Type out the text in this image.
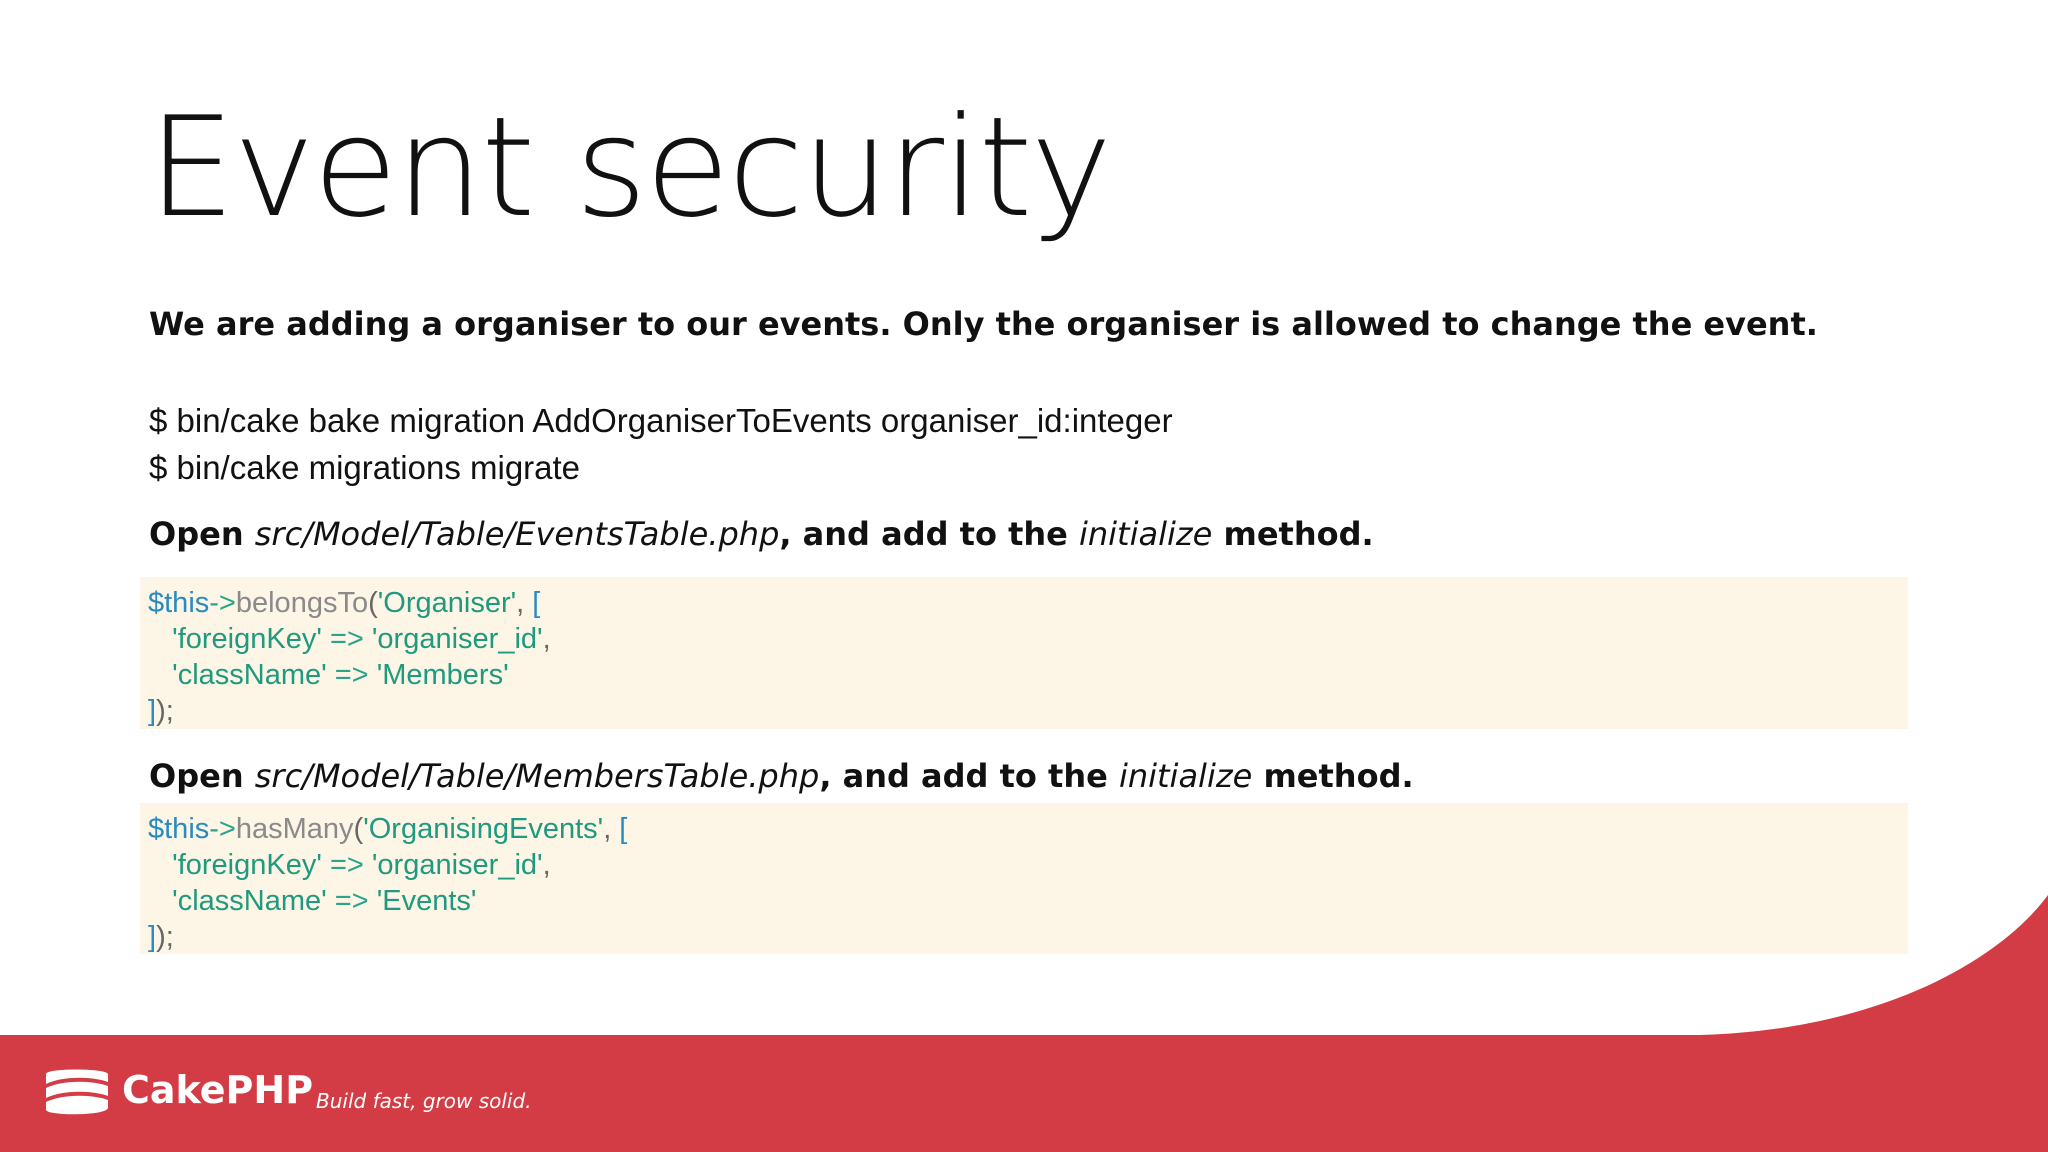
Event security
We are adding a organiser to our events. Only the organiser is allowed to change the event.
$ bin/cake bake migration AddOrganiserToEvents organiser_id:integer
$ bin/cake migrations migrate
Open src/Model/Table/EventsTable.php, and add to the initialize method.
$this->belongsTo('Organiser', [
'foreignKey' => 'organiser_id',
'className' => 'Members'
]);
Open src/Model/Table/MembersTable.php, and add to the initialize method.
$this->hasMany('OrganisingEvents', [
'foreignKey' => 'organiser_id',
'className' => 'Events'
]);
CakePHP Build fast, grow solid.
